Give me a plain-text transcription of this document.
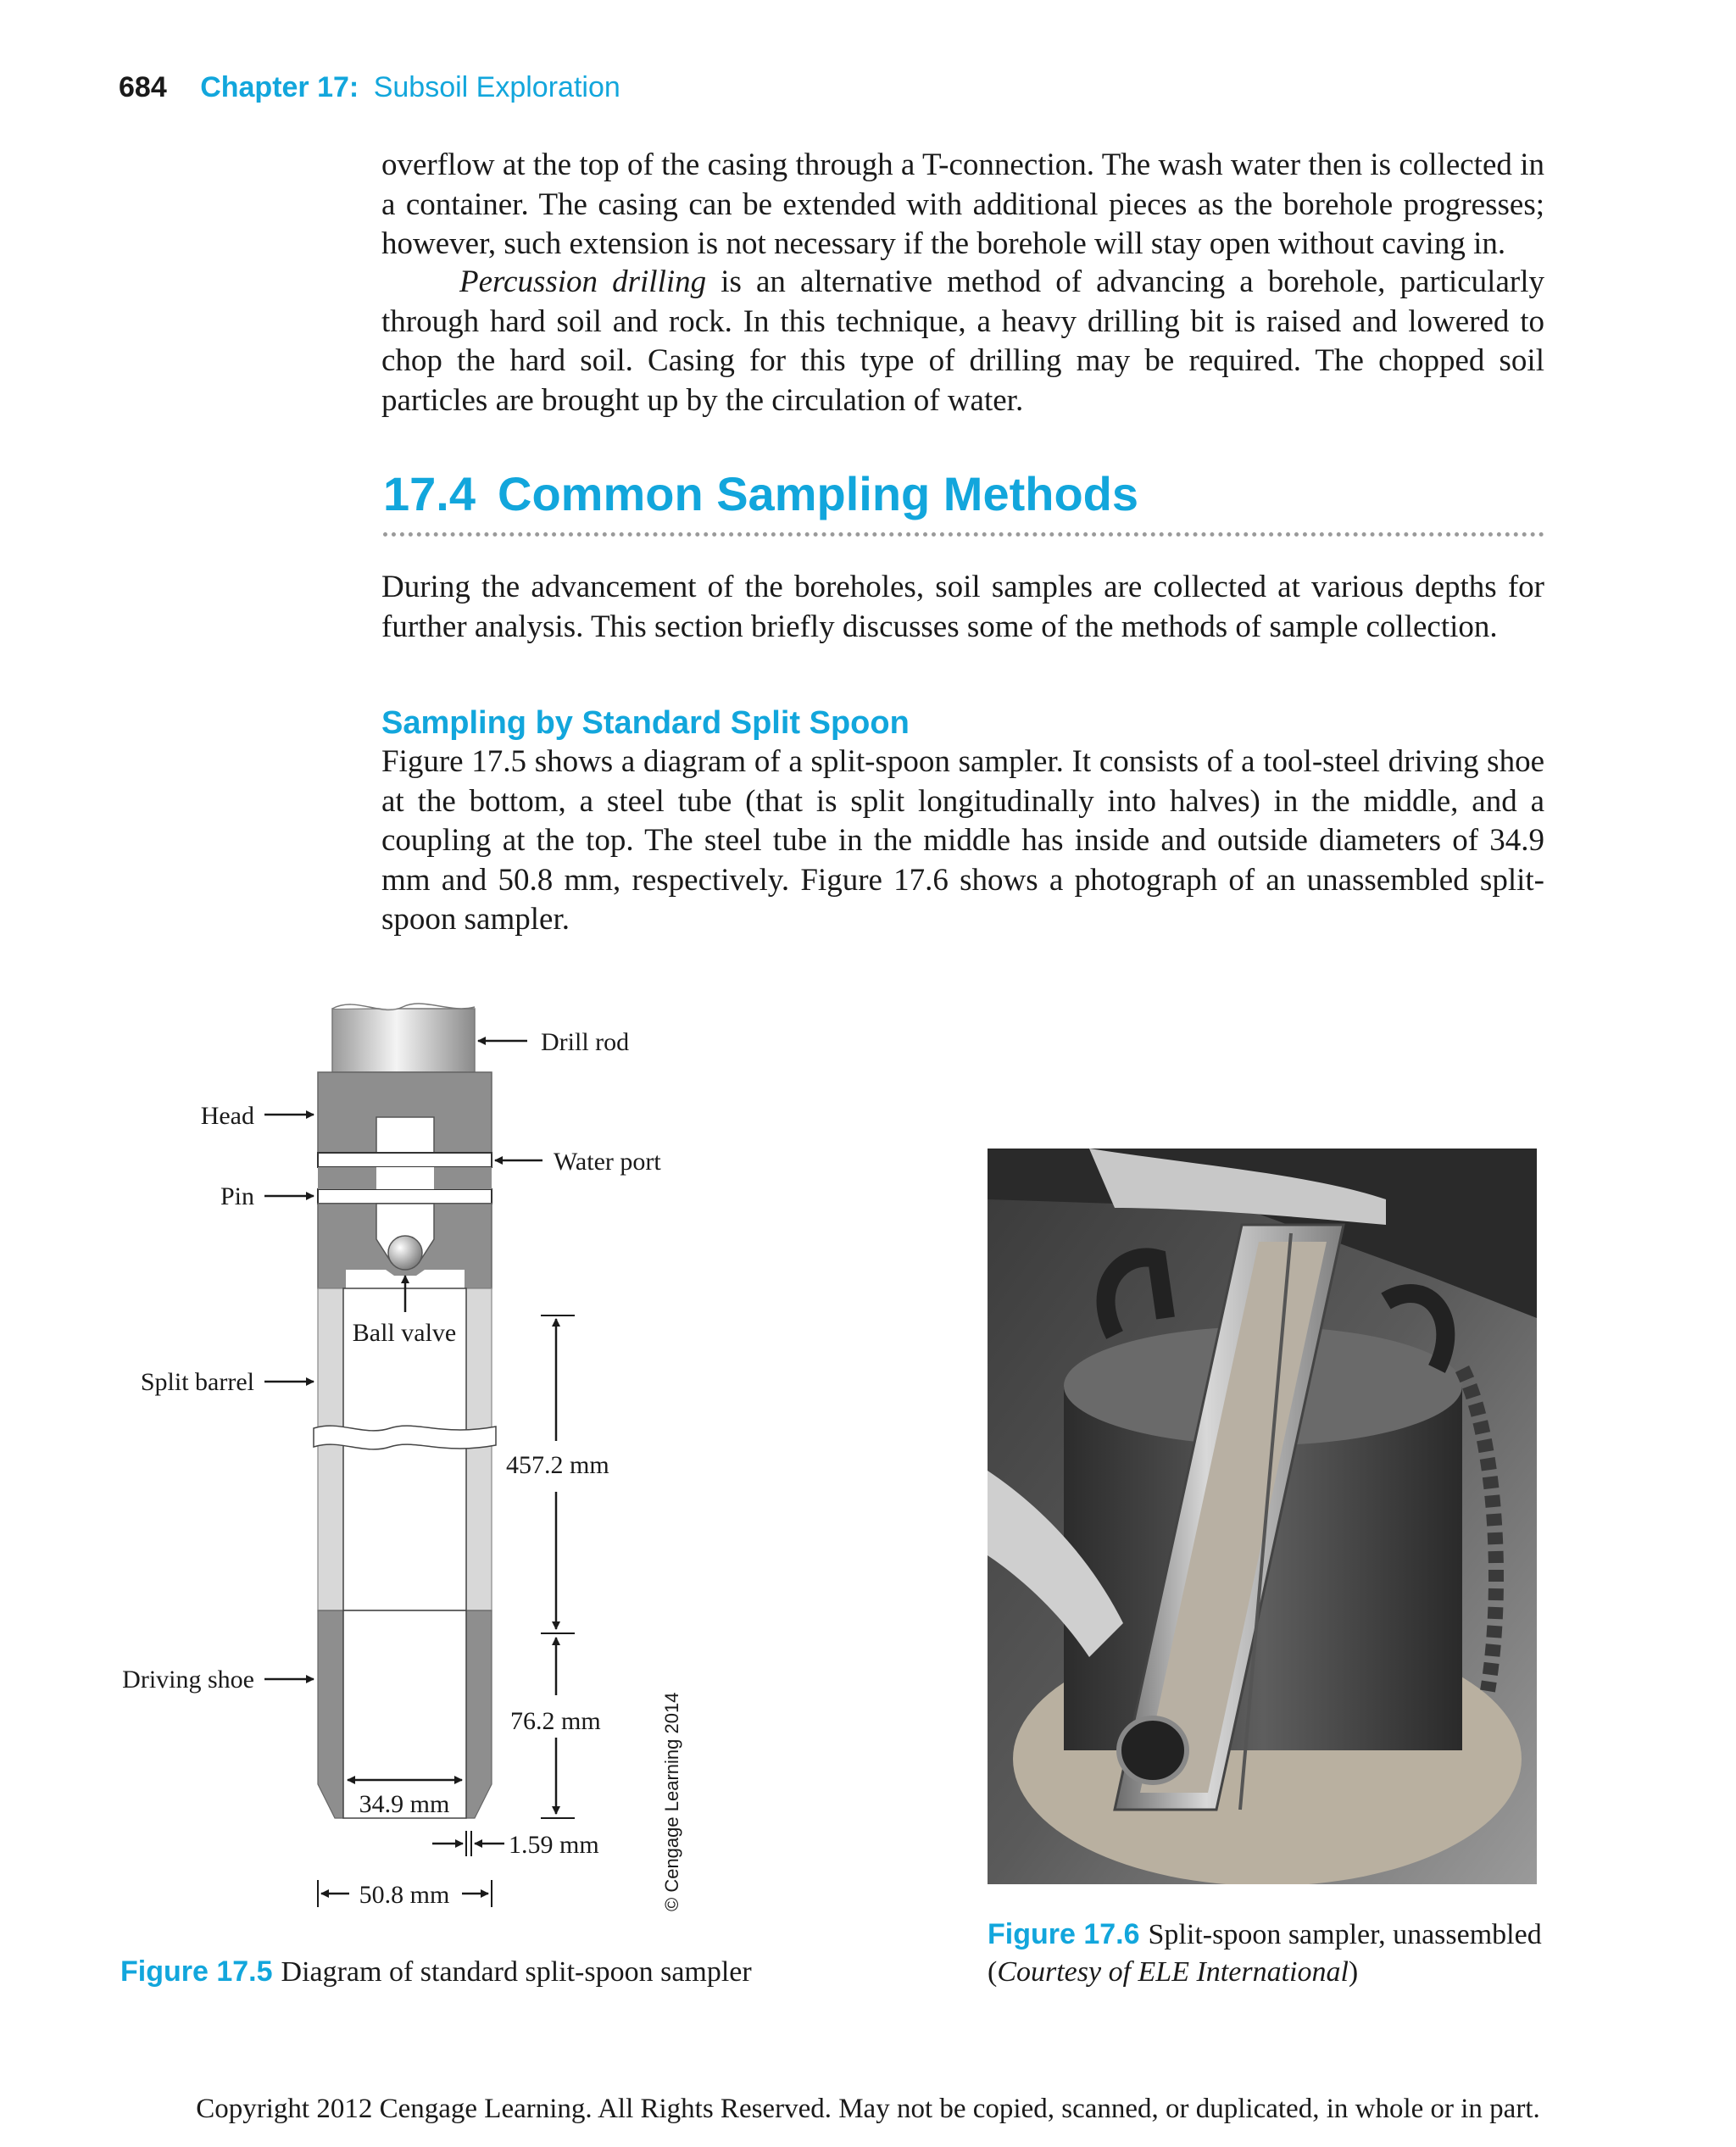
684 Chapter 17: Subsoil Exploration

overflow at the top of the casing through a T-connection. The wash water then is collected in a container. The casing can be extended with additional pieces as the borehole progresses; however, such extension is not necessary if the borehole will stay open without caving in.

Percussion drilling is an alternative method of advancing a borehole, particularly through hard soil and rock. In this technique, a heavy drilling bit is raised and lowered to chop the hard soil. Casing for this type of drilling may be required. The chopped soil particles are brought up by the circulation of water.

17.4 Common Sampling Methods

During the advancement of the boreholes, soil samples are collected at various depths for further analysis. This section briefly discusses some of the methods of sample collection.

Sampling by Standard Split Spoon

Figure 17.5 shows a diagram of a split-spoon sampler. It consists of a tool-steel driving shoe at the bottom, a steel tube (that is split longitudinally into halves) in the middle, and a coupling at the top. The steel tube in the middle has inside and outside diameters of 34.9 mm and 50.8 mm, respectively. Figure 17.6 shows a photograph of an unassembled split-spoon sampler.

Drill rod
Head
Water port
Pin
Ball valve
Split barrel
Driving shoe
457.2 mm
76.2 mm
34.9 mm
1.59 mm
50.8 mm	© Cengage Learning 2014

Figure 17.5 Diagram of standard split-spoon sampler

Figure 17.6 Split-spoon sampler, unassembled
(Courtesy of ELE International)

Copyright 2012 Cengage Learning. All Rights Reserved. May not be copied, scanned, or duplicated, in whole or in part.
